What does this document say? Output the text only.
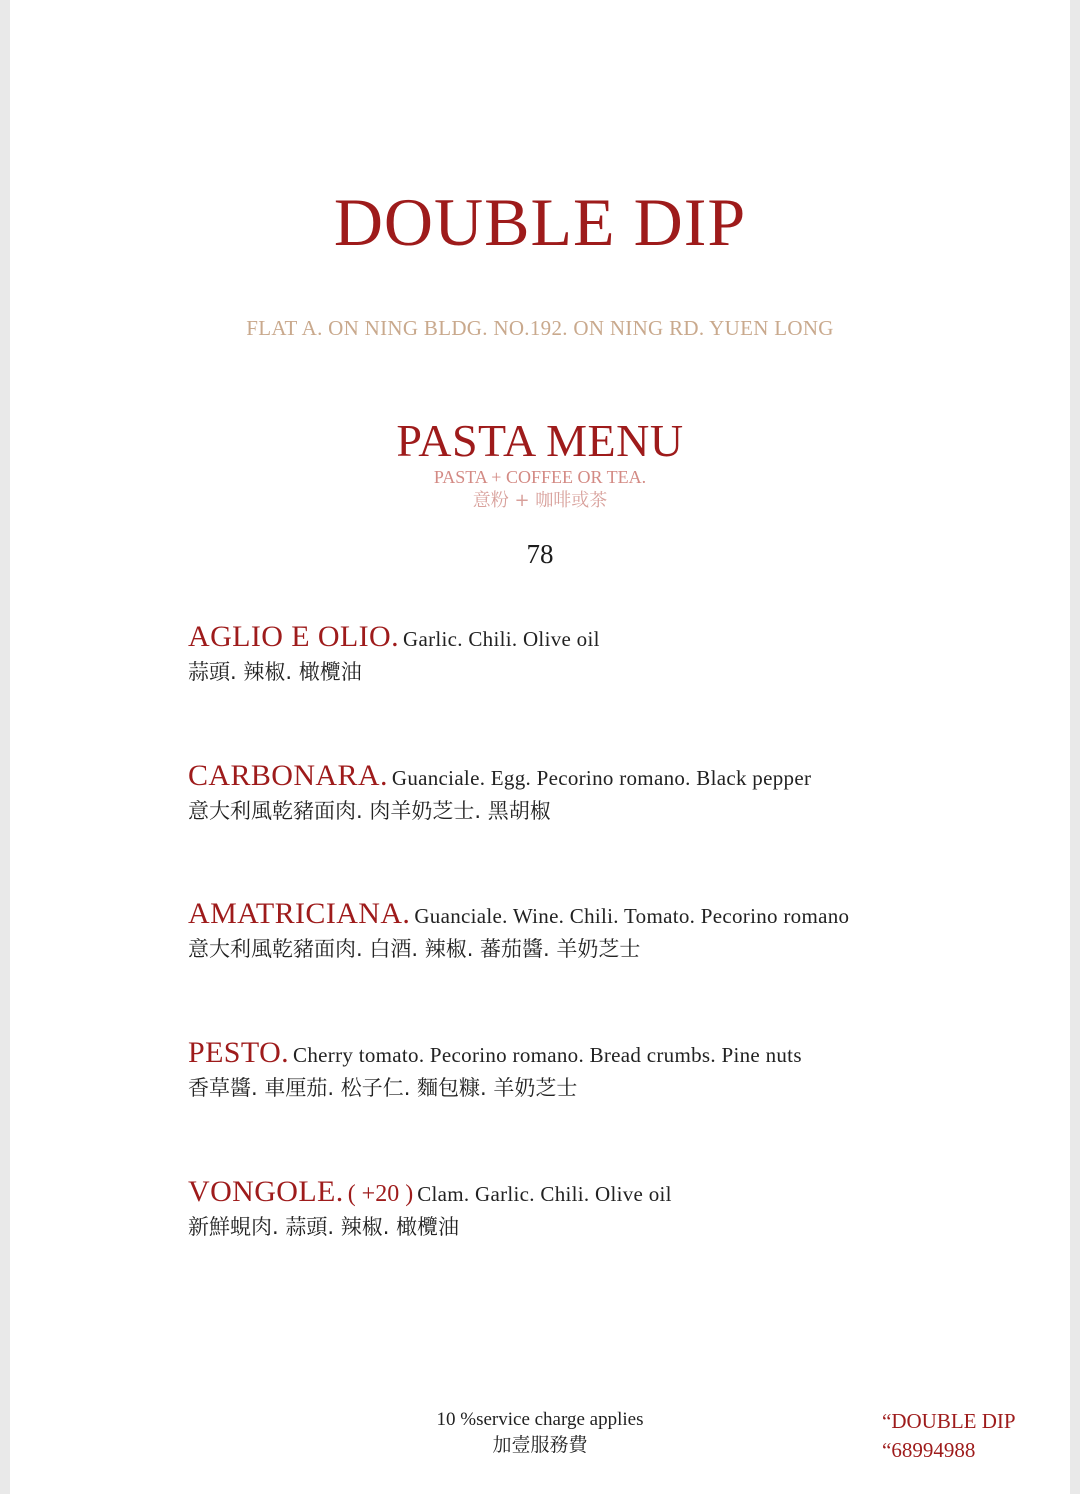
DOUBLE DIP
FLAT A. ON NING BLDG. NO.192. ON NING RD. YUEN LONG
PASTA MENU
PASTA + COFFEE OR TEA.
意粉 + 咖啡或茶
78
AGLIO E OLIO. Garlic. Chili. Olive oil
蒜頭. 辣椒. 橄欖油
CARBONARA. Guanciale. Egg. Pecorino romano. Black pepper
意大利風乾豬面肉. 肉羊奶芝士. 黑胡椒
AMATRICIANA. Guanciale. Wine. Chili. Tomato. Pecorino romano
意大利風乾豬面肉. 白酒. 辣椒. 蕃茄醬. 羊奶芝士
PESTO. Cherry tomato. Pecorino romano. Bread crumbs. Pine nuts
香草醬. 車厘茄. 松子仁. 麵包糠. 羊奶芝士
VONGOLE. ( +20 ) Clam. Garlic. Chili. Olive oil
新鮮蜆肉. 蒜頭. 辣椒. 橄欖油
10 %service charge applies
加壹服務費
“DOUBLE DIP
“68994988
